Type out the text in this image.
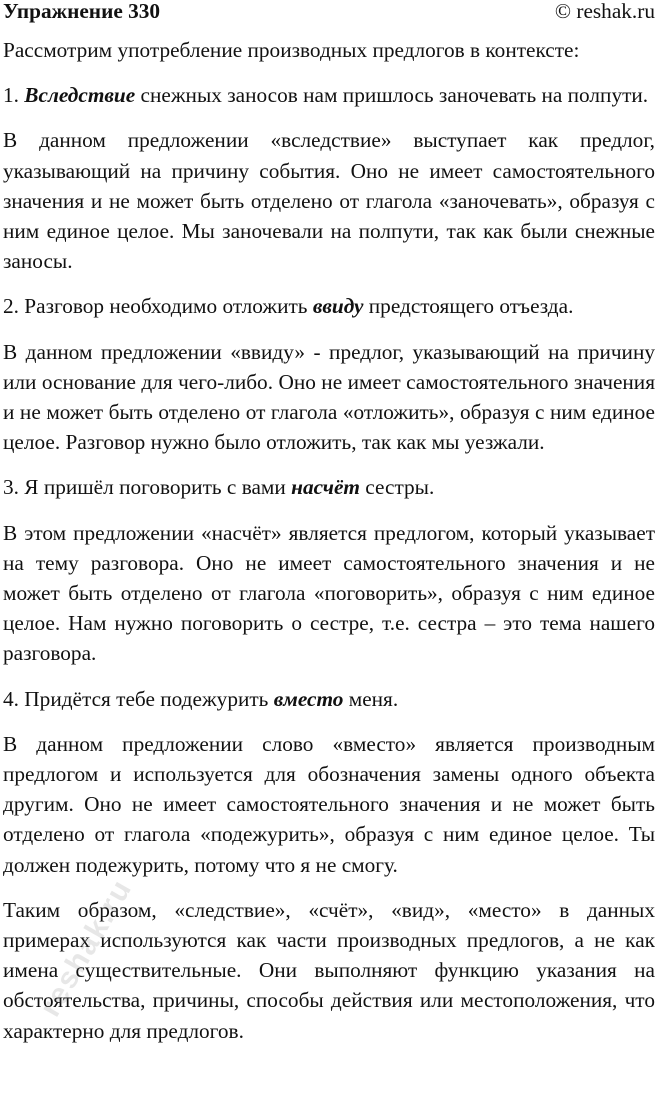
Упражнение 330	© reshak.ru

Рассмотрим употребление производных предлогов в контексте:

1. Вследствие снежных заносов нам пришлось заночевать на полпути.

В данном предложении «вследствие» выступает как предлог, указывающий на причину события. Оно не имеет самостоятельного значения и не может быть отделено от глагола «заночевать», образуя с ним единое целое. Мы заночевали на полпути, так как были снежные заносы.

2. Разговор необходимо отложить ввиду предстоящего отъезда.

В данном предложении «ввиду» - предлог, указывающий на причину или основание для чего-либо. Оно не имеет самостоятельного значения и не может быть отделено от глагола «отложить», образуя с ним единое целое. Разговор нужно было отложить, так как мы уезжали.

3. Я пришёл поговорить с вами насчёт сестры.

В этом предложении «насчёт» является предлогом, который указывает на тему разговора. Оно не имеет самостоятельного значения и не может быть отделено от глагола «поговорить», образуя с ним единое целое. Нам нужно поговорить о сестре, т.е. сестра – это тема нашего разговора.

4. Придётся тебе подежурить вместо меня.

В данном предложении слово «вместо» является производным предлогом и используется для обозначения замены одного объекта другим. Оно не имеет самостоятельного значения и не может быть отделено от глагола «подежурить», образуя с ним единое целое. Ты должен подежурить, потому что я не смогу.

Таким образом, «следствие», «счёт», «вид», «место» в данных примерах используются как части производных предлогов, а не как имена существительные. Они выполняют функцию указания на обстоятельства, причины, способы действия или местоположения, что характерно для предлогов.

reshak.ru
